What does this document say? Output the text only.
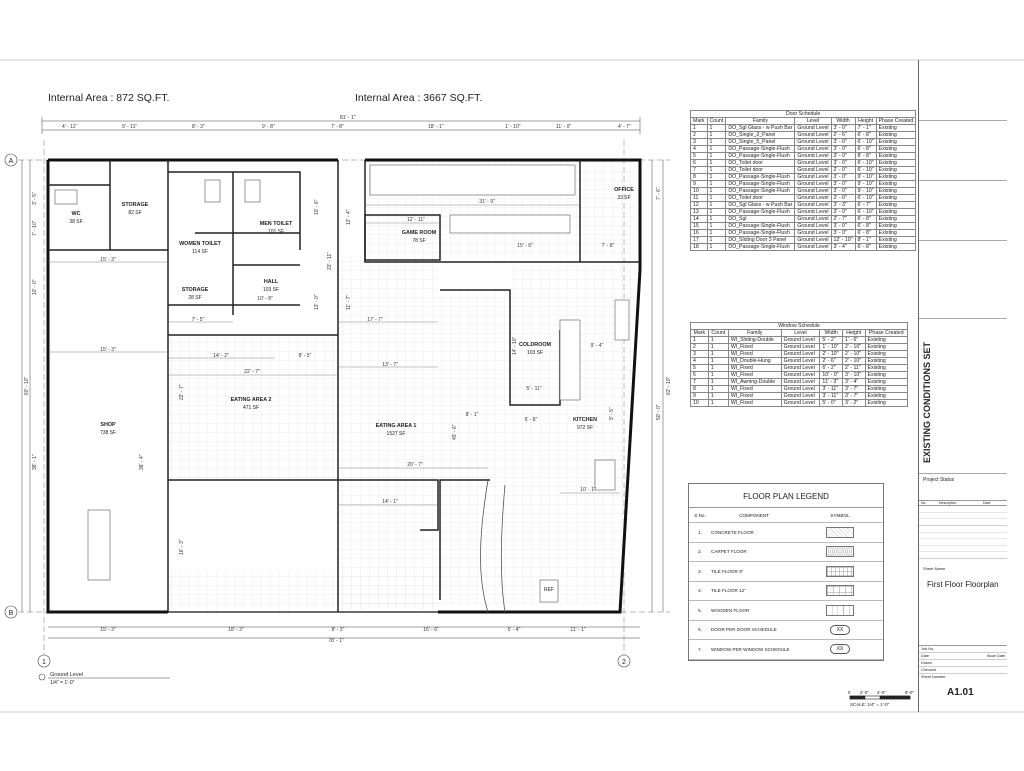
Internal Area : 872 SQ.FT.	Internal Area : 3667 SQ.FT.
81' - 1"
4' - 11"	9' - 11"	8' - 3"	9' - 8"	7' - 8"	18' - 1"	1' - 10"	11' - 0"	4' - 7"
A
B
1	2
WC
38 SF
STORAGE
82 SF
WOMEN TOILET
114 SF
MEN TOILET
101 SF
HALL
103 SF
STORAGE
28 SF
GAME ROOM
78 SF
OFFICE
33 SF
SHOP
738 SF
EATING AREA 2
471 SF
EATING AREA 1
1527 SF
COLDROOM
103 SF
KITCHEN
972 SF
REF
15' - 3"
15' - 3"
7' - 5"
14' - 2"	8' - 5"
22' - 7"
17' - 7"
13' - 7"
12' - 11"
31' - 9"
15' - 6"	7' - 8"
9' - 4"
5' - 11"
8' - 1"
6' - 8"
20' - 7"
14' - 1"
10' - 1"
10' - 8"
14' - 10"
9' - 5"
45' - 6"
38' - 4"
16' - 3"
22' - 7"
13' - 0"	11' - 7"
23' - 11"
12' - 4"
10' - 6"
3' - 5"
7' - 10"
10' - 0"
60' - 10"
38' - 1"
7' - 6"
50' - 0"
62' - 10"
15' - 3"	18' - 3"	8' - 3"	16' - 6"	5' - 4"	11' - 1"
78' - 1"
Ground Level
1/4" = 1'-0"
0 2'-0" 4'-0"	8'-0"
SCALE: 1/4" = 1'-0"
Door Schedule						
Mark	Count	Family	Level	Width	Height	Phase Created
1	1	DO_Sgl Glass - w Push Bar	Ground Level	3' - 0"	7' - 1"	Existing
2	1	DO_Single_2_Panel	Ground Level	2' - 6"	6' - 8"	Existing
3	1	DO_Single_5_Panel	Ground Level	3' - 0"	6' - 10"	Existing
4	1	DO_Passage-Single-Flush	Ground Level	3' - 0"	6' - 8"	Existing
5	1	DO_Passage-Single-Flush	Ground Level	3' - 0"	8' - 8"	Existing
6	1	DO_Toilet door	Ground Level	3' - 0"	6' - 10"	Existing
7	1	DO_Toilet door	Ground Level	2' - 0"	6' - 10"	Existing
8	1	DO_Passage-Single-Flush	Ground Level	3' - 0"	9' - 10"	Existing
9	1	DO_Passage-Single-Flush	Ground Level	3' - 0"	9' - 10"	Existing
10	1	DO_Passage-Single-Flush	Ground Level	3' - 0"	9' - 10"	Existing
11	1	DO_Toilet door	Ground Level	2' - 0"	6' - 10"	Existing
12	1	DO_Sgl Glass - w Push Bar	Ground Level	3' - 3"	6' - 7"	Existing
13	1	DO_Passage-Single-Flush	Ground Level	3' - 0"	6' - 10"	Existing
14	1	DO_Sgl	Ground Level	2' - 7"	6' - 8"	Existing
15	1	DO_Passage-Single-Flush	Ground Level	3' - 0"	6' - 8"	Existing
16	1	DO_Passage-Single-Flush	Ground Level	3' - 0"	6' - 8"	Existing
17	1	DO_Sliding Door 3 Panel	Ground Level	12' - 10"	8' - 1"	Existing
18	1	DO_Passage-Single-Flush	Ground Level	3' - 4"	6' - 8"	Existing
Window Schedule						
Mark	Count	Family	Level	Width	Height	Phase Created
1	1	WI_Sliding-Double	Ground Level	5' - 2"	1' - 6"	Existing
2	1	WI_Fixed	Ground Level	1' - 10"	2' - 10"	Existing
3	1	WI_Fixed	Ground Level	2' - 10"	2' - 10"	Existing
4	1	WI_Double-Hung	Ground Level	2' - 6"	2' - 10"	Existing
5	1	WI_Fixed	Ground Level	6' - 2"	2' - 11"	Existing
6	1	WI_Fixed	Ground Level	10' - 0"	3' - 10"	Existing
7	1	WI_Awning-Double	Ground Level	11' - 3"	3' - 4"	Existing
8	1	WI_Fixed	Ground Level	3' - 11"	3' - 7"	Existing
9	1	WI_Fixed	Ground Level	3' - 11"	3' - 7"	Existing
10	1	WI_Fixed	Ground Level	5' - 0"	3' - 2"	Existing
FLOOR PLAN LEGEND
S.No.	COMPONENT	SYMBOL
1.	CONCRETE FLOOR
2.	CARPET FLOOR
3.	TILE FLOOR 9"
4.	TILE FLOOR 12"
5.	WOODEN FLOOR
6.	DOOR PER DOOR SCHEDULE	XX
7.	WINDOW PER WINDOW SCHEDULE	XX
EXISTING CONDITIONS SET
Project Status
No.	Description	Date
Sheet Name
First Floor Floorplan
Job No.
Date	Issue Date
Drawn
Checked
Sheet Number
A1.01
